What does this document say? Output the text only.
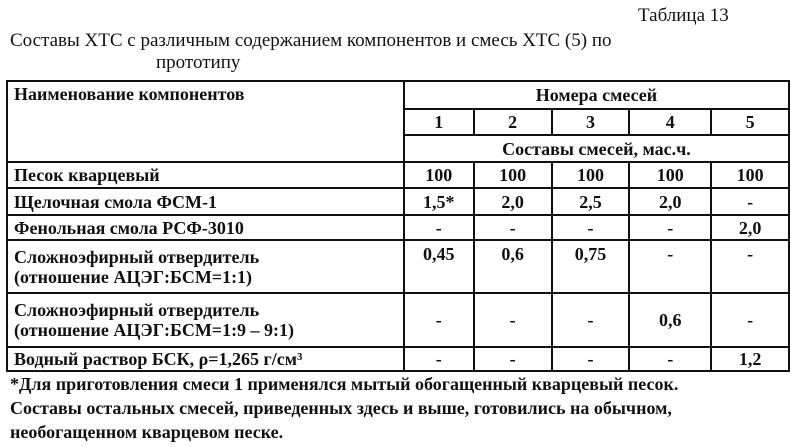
Таблица 13
Составы ХТС с различным содержанием компонентов и смесь ХТС (5) по
прототипу
Наименование компонентов	Номера смесей				
	1	2	3	4	5
	Составы смесей, мас.ч.				
Песок кварцевый	100	100	100	100	100
Щелочная смола ФСМ-1	1,5*	2,0	2,5	2,0	-
Фенольная смола РСФ-3010	-	-	-	-	2,0

Сложноэфирный отвердитель
(отношение АЦЭГ:БСМ=1:1)	0,45	0,6	0,75	-	-

Сложноэфирный отвердитель
(отношение АЦЭГ:БСМ=1:9 – 9:1)	-	-	-	0,6	-
Водный раствор БСК, ρ=1,265 г/см³	-	-	-	-	1,2
*Для приготовления смеси 1 применялся мытый обогащенный кварцевый песок.
Составы остальных смесей, приведенных здесь и выше, готовились на обычном,
необогащенном кварцевом песке.
